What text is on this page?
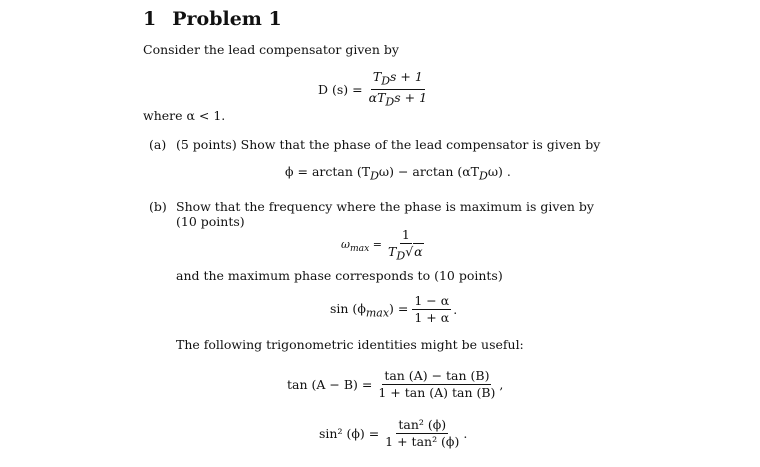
1 Problem 1
Consider the lead compensator given by
D $(s) = \frac{T_Ds + 1}{\alpha T_Ds + 1}$
where α < 1.
(a) (5 points) Show that the phase of the lead compensator is given by
$\phi = \arctan (T_D\omega) - \arctan (\alpha T_D\omega)$ .
(b) Show that the frequency where the phase is maximum is given by (10 points)
$\omega_{max} = \frac{1}{T_D√\alpha}$
and the maximum phase corresponds to (10 points)
$\sin (\phi_{max}) = \frac{1 - \alpha}{1 + \alpha}$ .
The following trigonometric identities might be useful:
$\tan (A - B) = \frac{\tan (A) - \tan (B)}{1 + \tan (A) \tan (B)}$ ,
sin² $(\phi) = \frac{\text{tan² (ϕ)}}{\text{1 + tan² (ϕ)}}$ .
